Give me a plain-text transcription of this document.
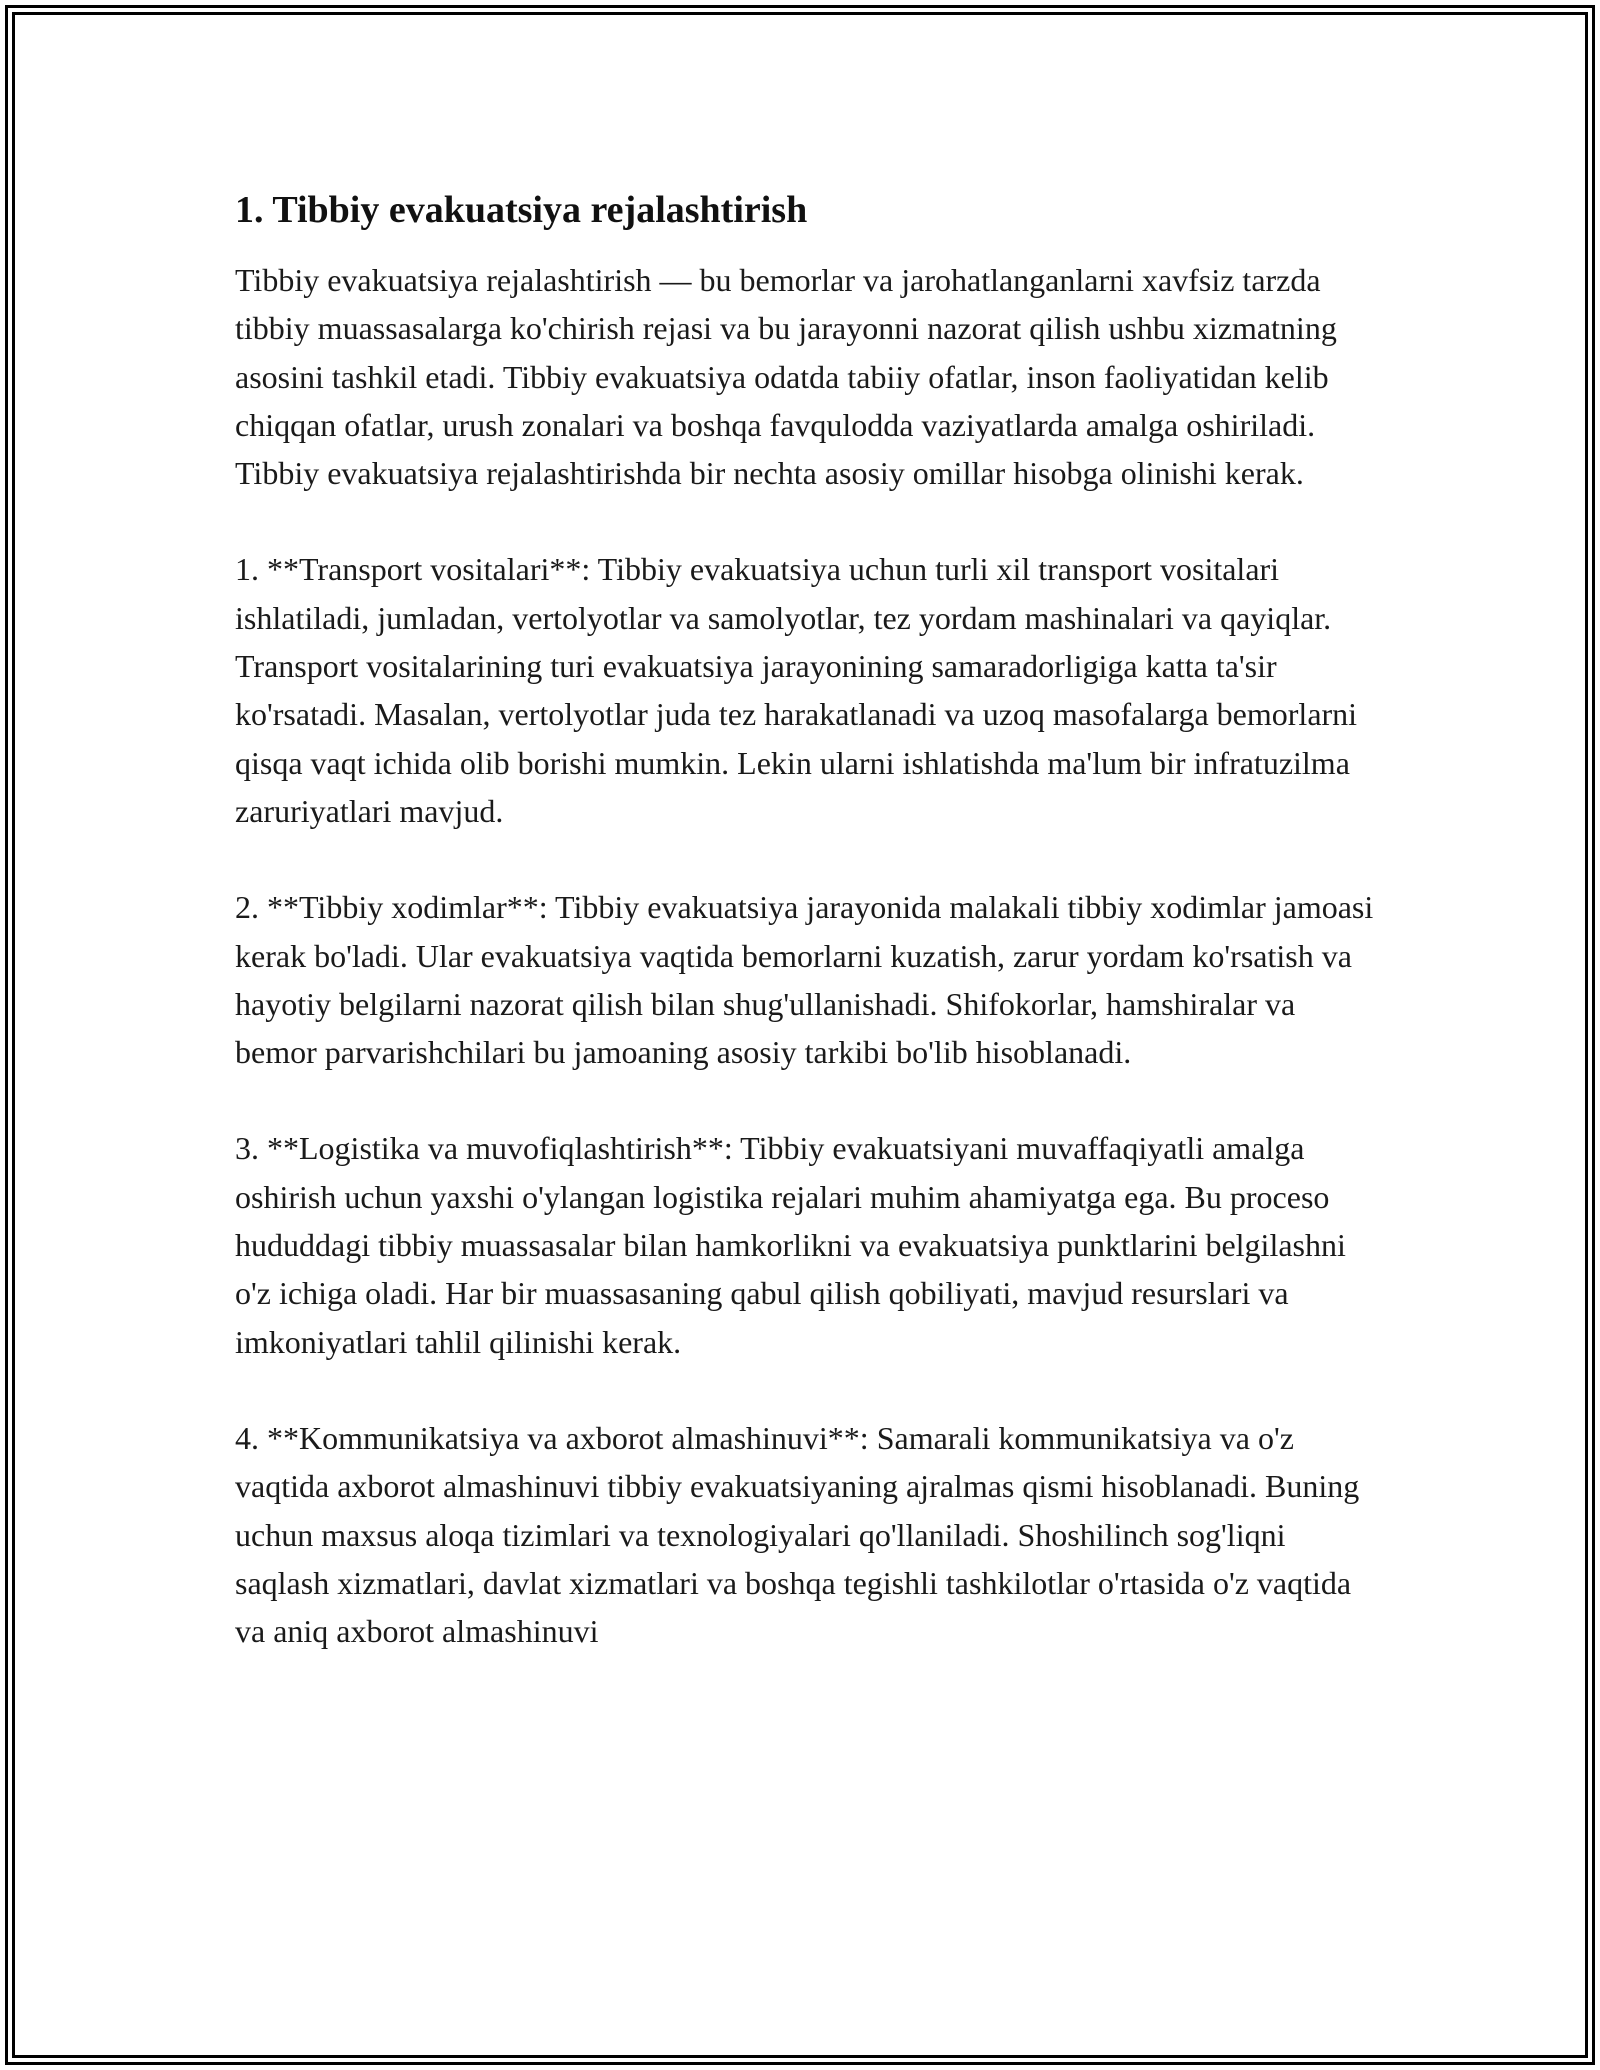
1. Tibbiy evakuatsiya rejalashtirish

Tibbiy evakuatsiya rejalashtirish — bu bemorlar va jarohatlanganlarni xavfsiz tarzda tibbiy muassasalarga ko'chirish rejasi va bu jarayonni nazorat qilish ushbu xizmatning asosini tashkil etadi. Tibbiy evakuatsiya odatda tabiiy ofatlar, inson faoliyatidan kelib chiqqan ofatlar, urush zonalari va boshqa favqulodda vaziyatlarda amalga oshiriladi. Tibbiy evakuatsiya rejalashtirishda bir nechta asosiy omillar hisobga olinishi kerak.

1. **Transport vositalari**: Tibbiy evakuatsiya uchun turli xil transport vositalari ishlatiladi, jumladan, vertolyotlar va samolyotlar, tez yordam mashinalari va qayiqlar. Transport vositalarining turi evakuatsiya jarayonining samaradorligiga katta ta'sir ko'rsatadi. Masalan, vertolyotlar juda tez harakatlanadi va uzoq masofalarga bemorlarni qisqa vaqt ichida olib borishi mumkin. Lekin ularni ishlatishda ma'lum bir infratuzilma zaruriyatlari mavjud.

2. **Tibbiy xodimlar**: Tibbiy evakuatsiya jarayonida malakali tibbiy xodimlar jamoasi kerak bo'ladi. Ular evakuatsiya vaqtida bemorlarni kuzatish, zarur yordam ko'rsatish va hayotiy belgilarni nazorat qilish bilan shug'ullanishadi. Shifokorlar, hamshiralar va bemor parvarishchilari bu jamoaning asosiy tarkibi bo'lib hisoblanadi.

3. **Logistika va muvofiqlashtirish**: Tibbiy evakuatsiyani muvaffaqiyatli amalga oshirish uchun yaxshi o'ylangan logistika rejalari muhim ahamiyatga ega. Bu proceso hududdagi tibbiy muassasalar bilan hamkorlikni va evakuatsiya punktlarini belgilashni o'z ichiga oladi. Har bir muassasaning qabul qilish qobiliyati, mavjud resurslari va imkoniyatlari tahlil qilinishi kerak.

4. **Kommunikatsiya va axborot almashinuvi**: Samarali kommunikatsiya va o'z vaqtida axborot almashinuvi tibbiy evakuatsiyaning ajralmas qismi hisoblanadi. Buning uchun maxsus aloqa tizimlari va texnologiyalari qo'llaniladi. Shoshilinch sog'liqni saqlash xizmatlari, davlat xizmatlari va boshqa tegishli tashkilotlar o'rtasida o'z vaqtida va aniq axborot almashinuvi
